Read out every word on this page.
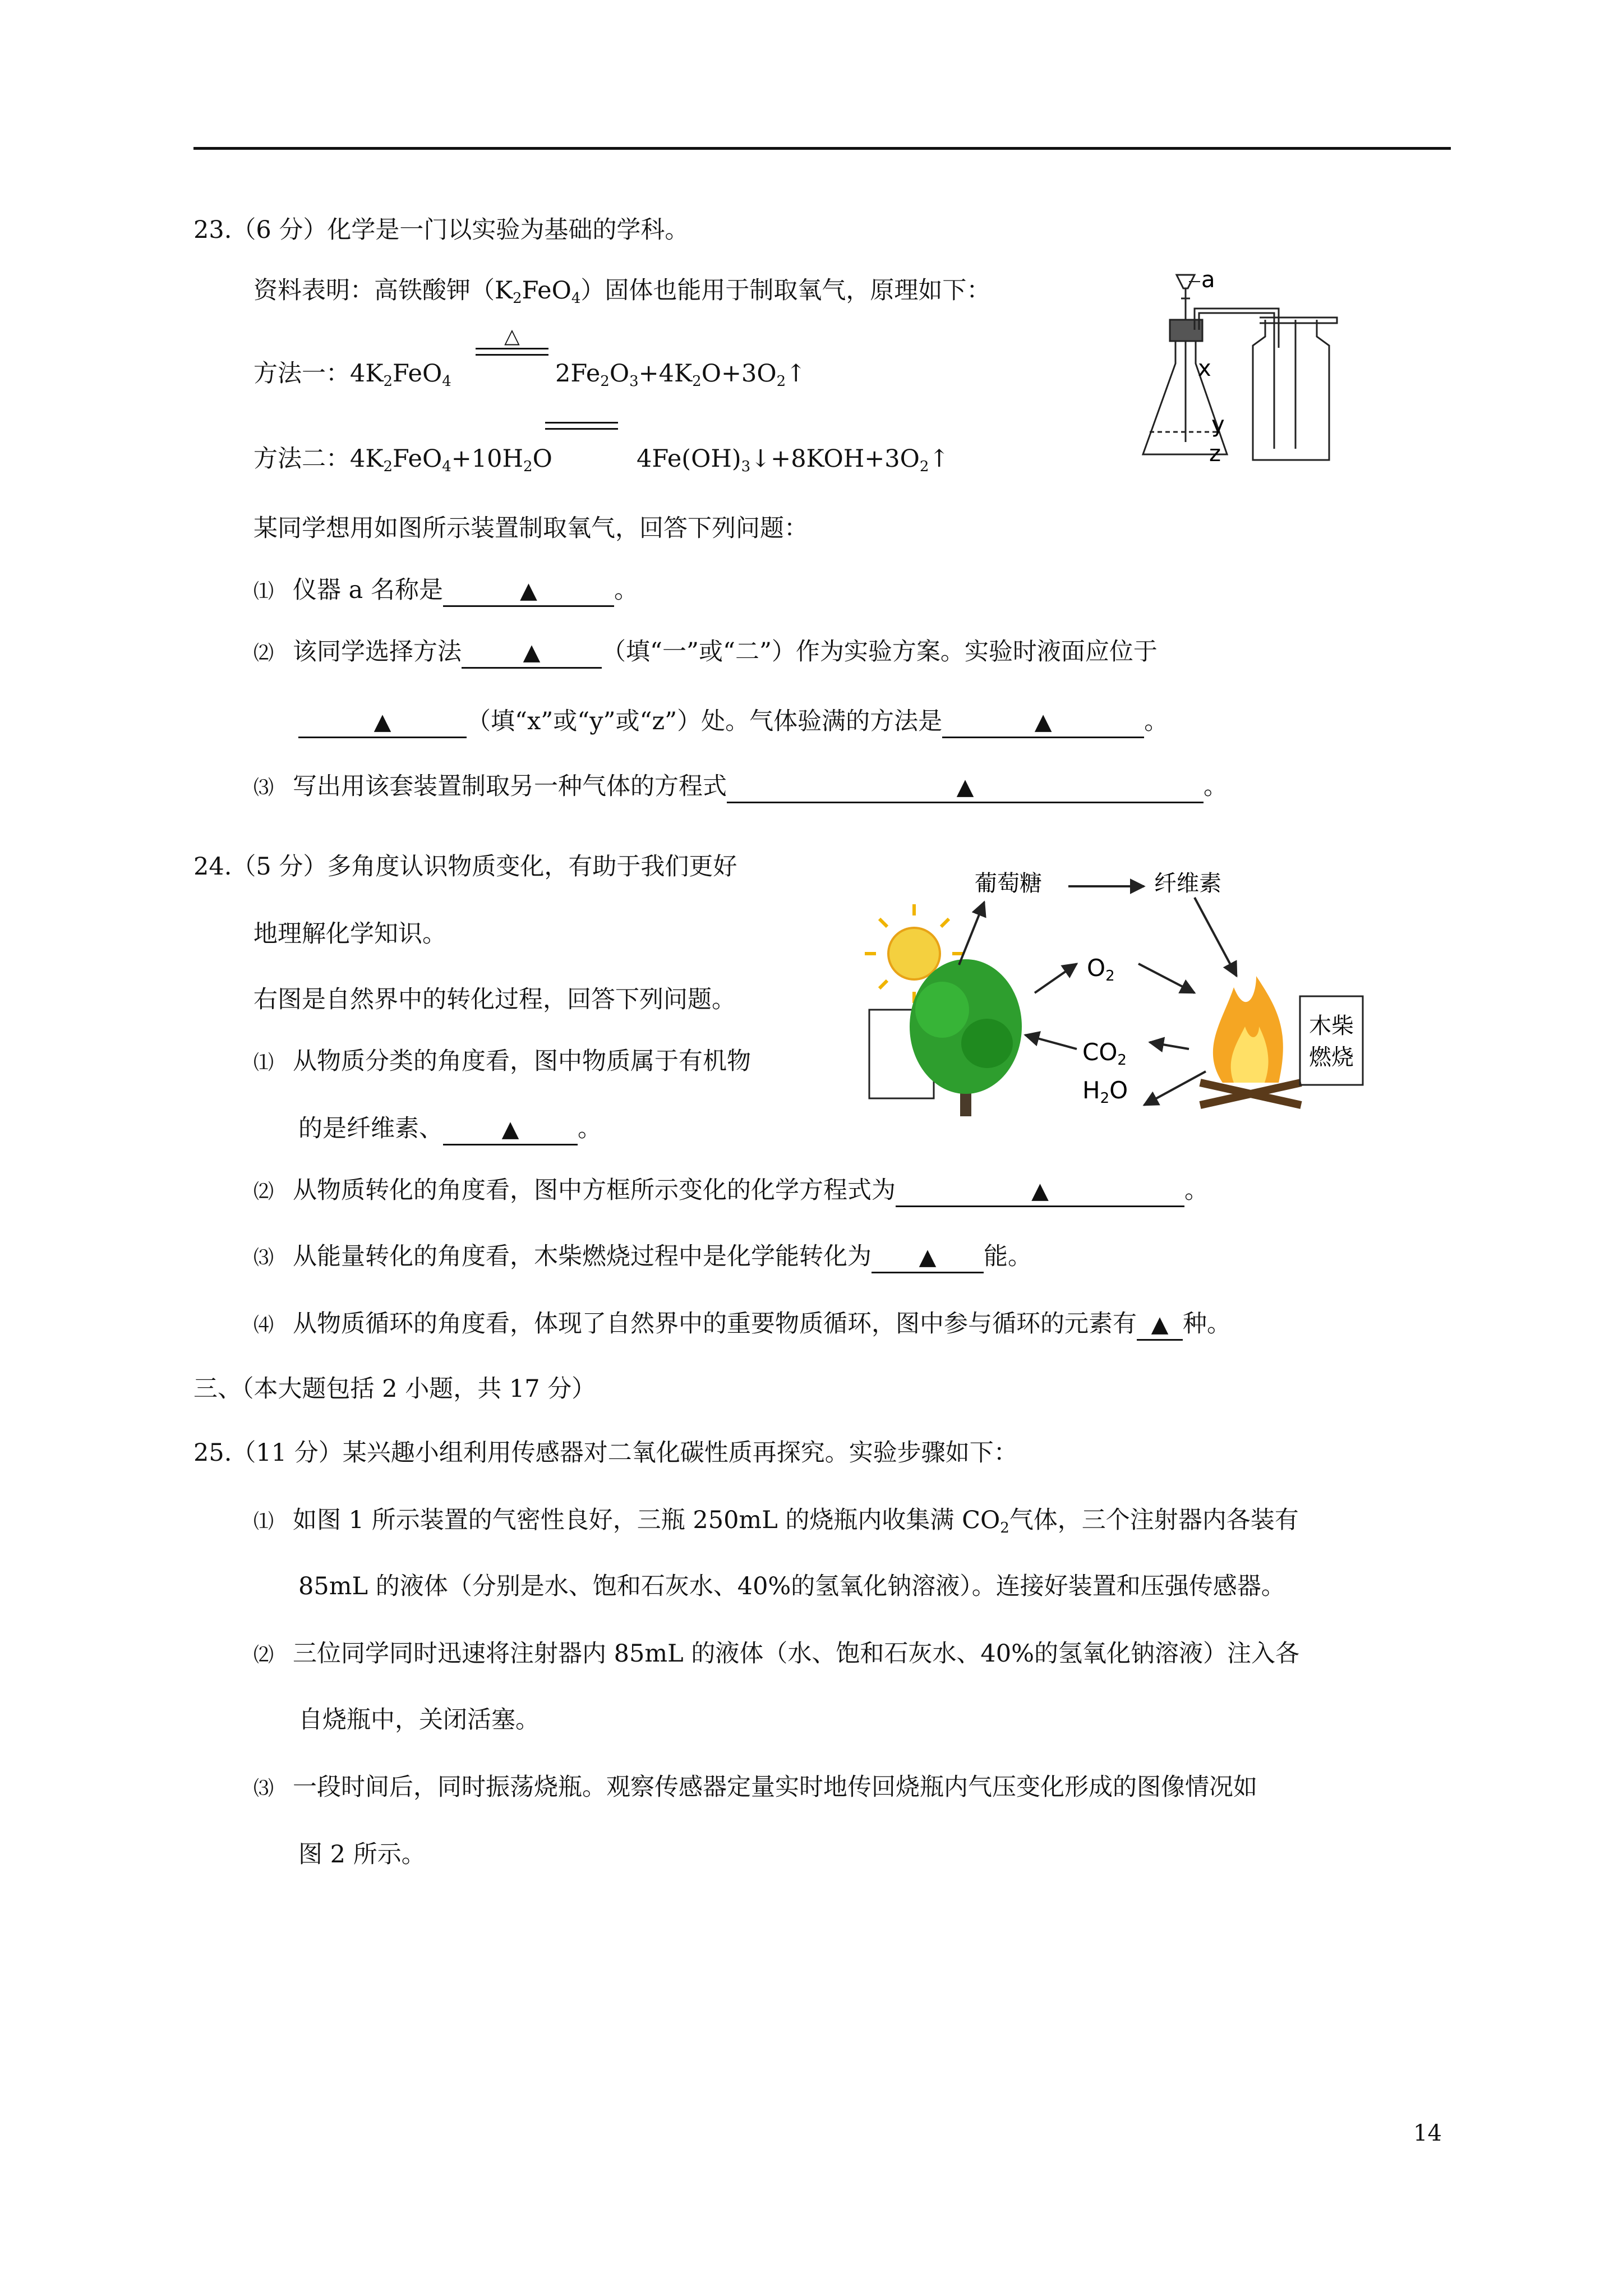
23.（6 分）化学是一门以实验为基础的学科。
资料表明：高铁酸钾$(K_2FeO_4)$固体也能用于制取氧气，原理如下：
方法一：$4K_2FeO_4$
△
$2Fe_2O_3+4K_2O+3O_2↑$
方法二：$4K_2FeO_4+10H_2O$	$4Fe(OH)_3↓+8KOH+3O_2↑$
某同学想用如图所示装置制取氧气，回答下列问题：
⑴ 仪器 a 名称是	▲	。
⑵ 该同学选择方法	▲	（填“一”或“二”）作为实验方案。实验时液面应位于
▲	（填“x”或“y”或“z”）处。气体验满的方法是	▲	。
⑶ 写出用该套装置制取另一种气体的方程式	▲	。
a
x
y
z
24.（5 分）多角度认识物质变化，有助于我们更好
地理解化学知识。
右图是自然界中的转化过程，回答下列问题。
⑴ 从物质分类的角度看，图中物质属于有机物
的是纤维素、	▲ 。
⑵ 从物质转化的角度看，图中方框所示变化的化学方程式为	▲	。
⑶ 从能量转化的角度看，木柴燃烧过程中是化学能转化为 ▲ 能。
⑷ 从物质循环的角度看，体现了自然界中的重要物质循环，图中参与循环的元素有 ▲ 种。
木柴
燃烧
葡萄糖	纤维素
O2
CO2
H2O
三、（本大题包括 2 小题，共 17 分）
25.（11 分）某兴趣小组利用传感器对二氧化碳性质再探究。实验步骤如下：
⑴ 如图 1 所示装置的气密性良好，三瓶 250mL 的烧瓶内收集满 $CO_2$气体，三个注射器内各装有
85mL 的液体（分别是水、饱和石灰水、40%的氢氧化钠溶液）。连接好装置和压强传感器。
⑵ 三位同学同时迅速将注射器内 85mL 的液体（水、饱和石灰水、40%的氢氧化钠溶液）注入各
自烧瓶中，关闭活塞。
⑶ 一段时间后，同时振荡烧瓶。观察传感器定量实时地传回烧瓶内气压变化形成的图像情况如
图 2 所示。
14
